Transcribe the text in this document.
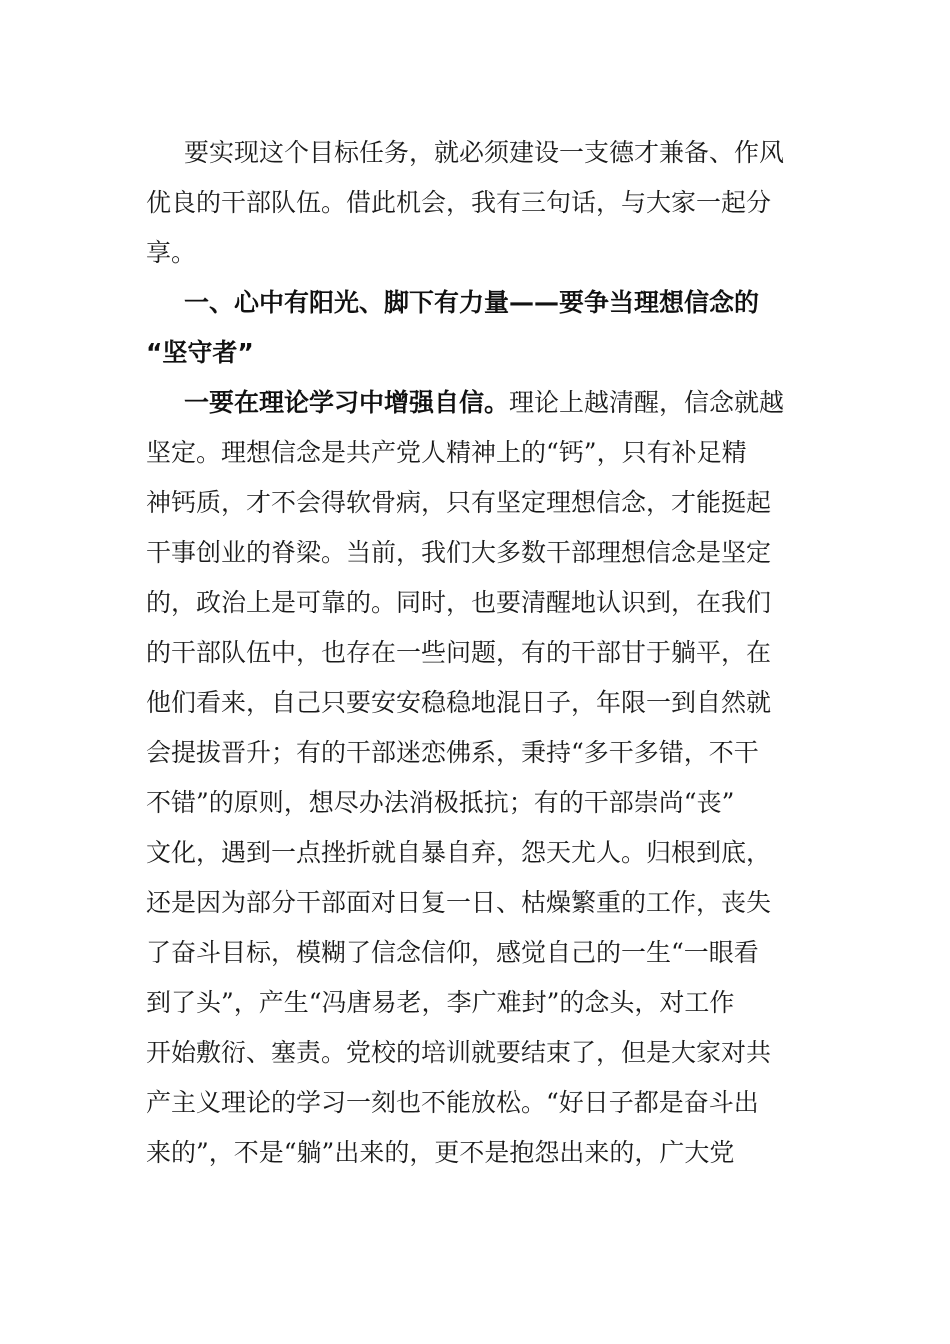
要实现这个目标任务，就必须建设一支德才兼备、作风
优良的干部队伍。借此机会，我有三句话，与大家一起分
享。
一、心中有阳光、脚下有力量——要争当理想信念的
“坚守者”
一要在理论学习中增强自信。理论上越清醒，信念就越
坚定。理想信念是共产党人精神上的“钙”，只有补足精
神钙质，才不会得软骨病，只有坚定理想信念，才能挺起
干事创业的脊梁。当前，我们大多数干部理想信念是坚定
的，政治上是可靠的。同时，也要清醒地认识到，在我们
的干部队伍中，也存在一些问题，有的干部甘于躺平，在
他们看来，自己只要安安稳稳地混日子，年限一到自然就
会提拔晋升；有的干部迷恋佛系，秉持“多干多错，不干
不错”的原则，想尽办法消极抵抗；有的干部崇尚“丧”
文化，遇到一点挫折就自暴自弃，怨天尤人。归根到底，
还是因为部分干部面对日复一日、枯燥繁重的工作，丧失
了奋斗目标，模糊了信念信仰，感觉自己的一生“一眼看
到了头”，产生“冯唐易老，李广难封”的念头，对工作
开始敷衍、塞责。党校的培训就要结束了，但是大家对共
产主义理论的学习一刻也不能放松。“好日子都是奋斗出
来的”，不是“躺”出来的，更不是抱怨出来的，广大党
